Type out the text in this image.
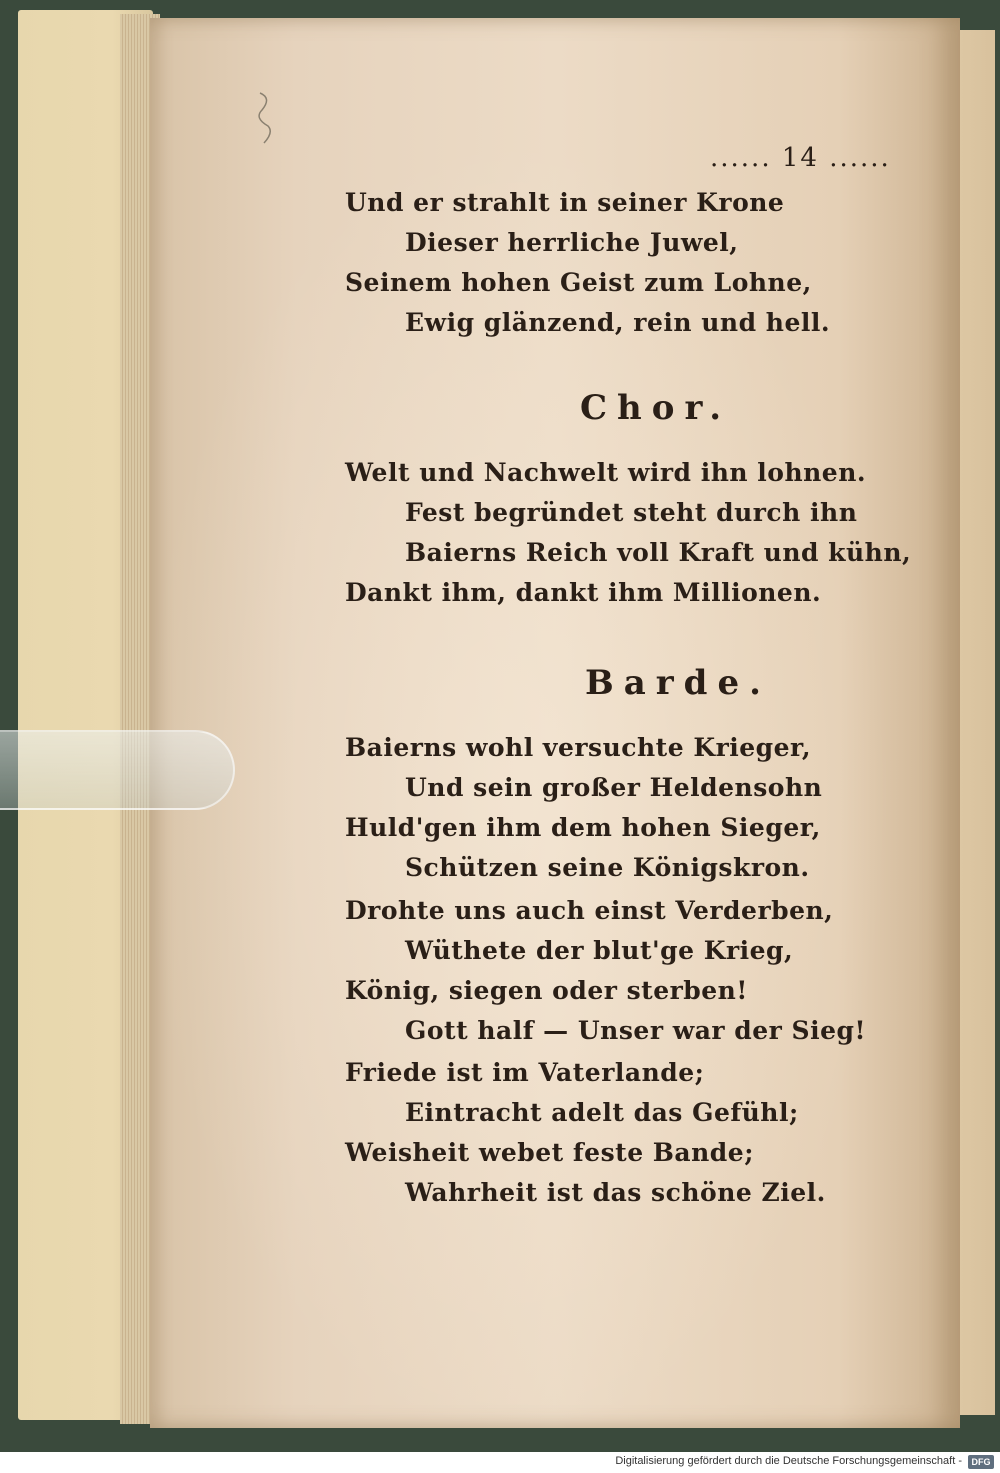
...... 14 ......
Und er strahlt in seiner Krone
Dieser herrliche Juwel,
Seinem hohen Geist zum Lohne,
Ewig glänzend, rein und hell.
Chor.
Welt und Nachwelt wird ihn lohnen.
Fest begründet steht durch ihn
Baierns Reich voll Kraft und kühn,
Dankt ihm, dankt ihm Millionen.
Barde.
Baierns wohl versuchte Krieger,
Und sein großer Heldensohn
Huld'gen ihm dem hohen Sieger,
Schützen seine Königskron.
Drohte uns auch einst Verderben,
Wüthete der blut'ge Krieg,
König, siegen oder sterben!
Gott half — Unser war der Sieg!
Friede ist im Vaterlande;
Eintracht adelt das Gefühl;
Weisheit webet feste Bande;
Wahrheit ist das schöne Ziel.
Digitalisierung gefördert durch die Deutsche Forschungsgemeinschaft -	DFG
